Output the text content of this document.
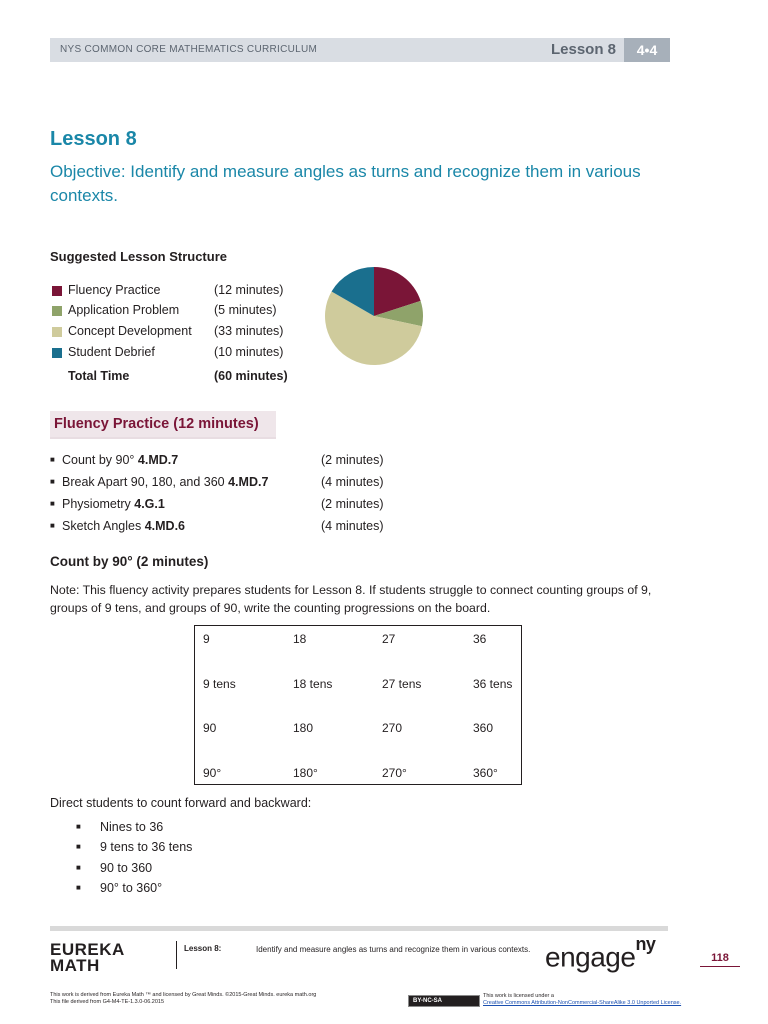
NYS COMMON CORE MATHEMATICS CURRICULUM	Lesson 8	4•4
Lesson 8
Objective: Identify and measure angles as turns and recognize them in various contexts.
Suggested Lesson Structure
Fluency Practice	(12 minutes)
Application Problem	(5 minutes)
Concept Development (33 minutes)
Student Debrief	(10 minutes)
Total Time	(60 minutes)
Fluency Practice (12 minutes)
■ Count by 90° 4.MD.7	(2 minutes)
■ Break Apart 90, 180, and 360 4.MD.7	(4 minutes)
■ Physiometry 4.G.1	(2 minutes)
■ Sketch Angles 4.MD.6	(4 minutes)
Count by 90° (2 minutes)
Note: This fluency activity prepares students for Lesson 8. If students struggle to connect counting groups of 9, groups of 9 tens, and groups of 90, write the counting progressions on the board.
9	18	27	36
9 tens	18 tens	27 tens	36 tens
90	180	270	360
90°	180°	270°	360°
Direct students to count forward and backward:
■ Nines to 36
■ 9 tens to 36 tens
■ 90 to 360
■ 90° to 360°
EUREKA
MATH
Lesson 8:	Identify and measure angles as turns and recognize them in various contexts. engage$^{ny}$
118
This work is derived from Eureka Math ™ and licensed by Great Minds. ©2015-Great Minds. eureka math.org
This file derived from G4-M4-TE-1.3.0-06.2015	BY-NC-SA
This work is licensed under a
Creative Commons Attribution-NonCommercial-ShareAlike 3.0 Unported License.
